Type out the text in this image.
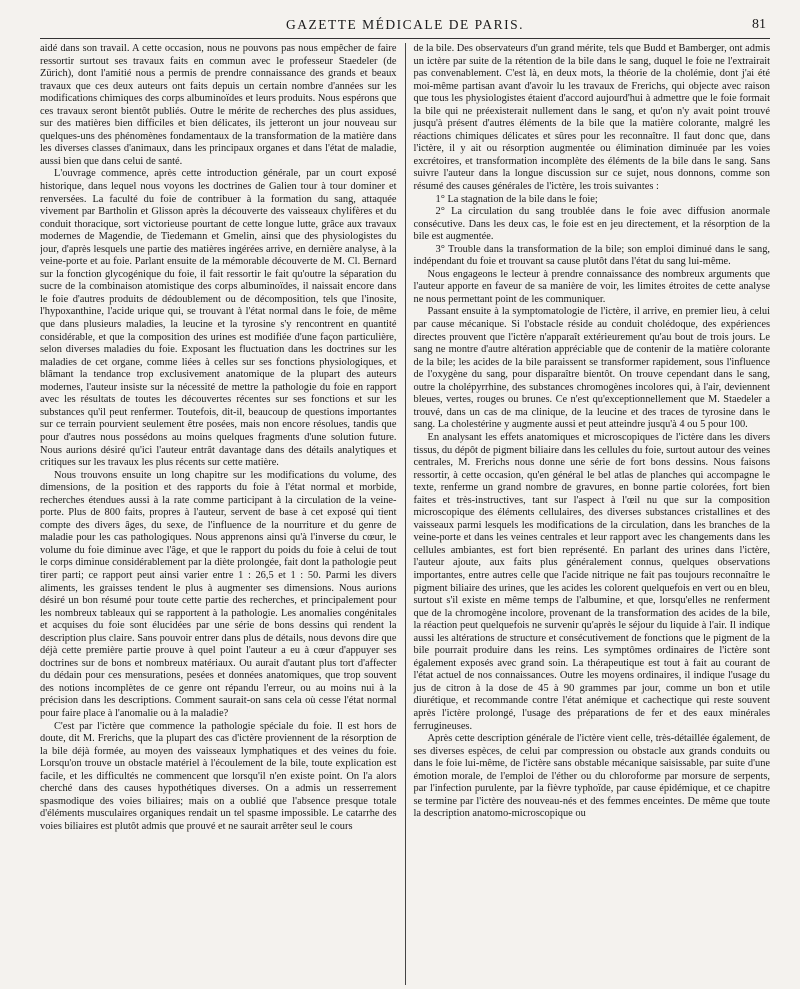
GAZETTE MÉDICALE DE PARIS.	81

aidé dans son travail. A cette occasion, nous ne pouvons pas nous empêcher de faire ressortir surtout ses travaux faits en commun avec le professeur Staedeler (de Zürich), dont l'amitié nous a permis de prendre connaissance des grands et beaux travaux que ces deux auteurs ont faits depuis un certain nombre d'années sur les modifications chimiques des corps albuminoïdes et leurs produits. Nous espérons que ces travaux seront bientôt publiés. Outre le mérite de recherches des plus assidues, sur des matières bien difficiles et bien délicates, ils jetteront un jour nouveau sur quelques-uns des phénomènes fondamentaux de la transformation de la matière dans les diverses classes d'animaux, dans les principaux organes et dans l'état de maladie, aussi bien que dans celui de santé.

L'ouvrage commence, après cette introduction générale, par un court exposé historique, dans lequel nous voyons les doctrines de Galien tour à tour dominer et renversées. La faculté du foie de contribuer à la formation du sang, attaquée vivement par Bartholin et Glisson après la découverte des vaisseaux chylifères et du conduit thoracique, sort victorieuse pourtant de cette longue lutte, grâce aux travaux modernes de Magendie, de Tiedemann et Gmelin, ainsi que des physiologistes du jour, d'après lesquels une partie des matières ingérées arrive, en dernière analyse, à la veine-porte et au foie. Parlant ensuite de la mémorable découverte de M. Cl. Bernard sur la fonction glycogénique du foie, il fait ressortir le fait qu'outre la séparation du sucre de la combinaison atomistique des corps albuminoïdes, il naissait encore dans le foie d'autres produits de dédoublement ou de décomposition, tels que l'inosite, l'hypoxanthine, l'acide urique qui, se trouvant à l'état normal dans le foie, de même que dans plusieurs maladies, la leucine et la tyrosine s'y rencontrent en quantité considérable, et que la composition des urines est modifiée d'une façon particulière, selon diverses maladies du foie. Exposant les fluctuation dans les doctrines sur les maladies de cet organe, comme liées à celles sur ses fonctions physiologiques, et blâmant la tendance trop exclusivement anatomique de la plupart des auteurs modernes, l'auteur insiste sur la nécessité de mettre la pathologie du foie en rapport avec les résultats de toutes les découvertes récentes sur ses fonctions et sur les substances qu'il peut renfermer. Toutefois, dit-il, beaucoup de questions importantes sur ce terrain pourvient seulement être posées, mais non encore résolues, tandis que pour d'autres nous possédons au moins quelques fragments d'une solution future. Nous aurions désiré qu'ici l'auteur entrât davantage dans des détails analytiques et critiques sur les travaux les plus récents sur cette matière.

Nous trouvons ensuite un long chapitre sur les modifications du volume, des dimensions, de la position et des rapports du foie à l'état normal et morbide, recherches étendues aussi à la rate comme participant à la circulation de la veine-porte. Plus de 800 faits, propres à l'auteur, servent de base à cet exposé qui tient compte des divers âges, du sexe, de l'influence de la nourriture et du genre de maladie pour les cas pathologiques. Nous apprenons ainsi qu'à l'inverse du cœur, le volume du foie diminue avec l'âge, et que le rapport du poids du foie à celui de tout le corps diminue considérablement par la diète prolongée, fait dont la pathologie peut tirer parti; ce rapport peut ainsi varier entre 1 : 26,5 et 1 : 50. Parmi les divers aliments, les graisses tendent le plus à augmenter ses dimensions. Nous aurions désiré un bon résumé pour toute cette partie des recherches, et principalement pour les nombreux tableaux qui se rapportent à la pathologie. Les anomalies congénitales et acquises du foie sont élucidées par une série de bons dessins qui rendent la description plus claire. Sans pouvoir entrer dans plus de détails, nous devons dire que déjà cette première partie prouve à quel point l'auteur a eu à cœur d'appuyer ses doctrines sur de bons et nombreux matériaux. Ou aurait d'autant plus tort d'affecter du dédain pour ces mensurations, pesées et données anatomiques, que trop souvent des notions incomplètes de ce genre ont répandu l'erreur, ou au moins nui à la précision dans les descriptions. Comment saurait-on sans cela où cesse l'état normal pour faire place à l'anomalie ou à la maladie?

C'est par l'ictère que commence la pathologie spéciale du foie. Il est hors de doute, dit M. Frerichs, que la plupart des cas d'ictère proviennent de la résorption de la bile déjà formée, au moyen des vaisseaux lymphatiques et des veines du foie. Lorsqu'on trouve un obstacle matériel à l'écoulement de la bile, toute explication est facile, et les difficultés ne commencent que lorsqu'il n'en existe point. On l'a alors cherché dans des causes hypothétiques diverses. On a admis un resserrement spasmodique des voies biliaires; mais on a oublié que l'absence presque totale d'éléments musculaires organiques rendait un tel spasme impossible. Le catarrhe des voies biliaires est plutôt admis que prouvé et ne saurait arrêter seul le cours

de la bile. Des observateurs d'un grand mérite, tels que Budd et Bamberger, ont admis un ictère par suite de la rétention de la bile dans le sang, duquel le foie ne l'extrairait pas convenablement. C'est là, en deux mots, la théorie de la cholémie, dont j'ai été moi-même partisan avant d'avoir lu les travaux de Frerichs, qui objecte avec raison que tous les physiologistes étaient d'accord aujourd'hui à admettre que le foie formait la bile qui ne préexisterait nullement dans le sang, et qu'on n'y avait point trouvé jusqu'à présent d'autres éléments de la bile que la matière colorante, malgré les réactions chimiques délicates et sûres pour les reconnaître. Il faut donc que, dans l'ictère, il y ait ou résorption augmentée ou élimination diminuée par les voies excrétoires, et transformation incomplète des éléments de la bile dans le sang. Sans suivre l'auteur dans la longue discussion sur ce sujet, nous donnons, comme son résumé des causes générales de l'ictère, les trois suivantes :

1° La stagnation de la bile dans le foie;

2° La circulation du sang troublée dans le foie avec diffusion anormale consécutive. Dans les deux cas, le foie est en jeu directement, et la résorption de la bile est augmentée.

3° Trouble dans la transformation de la bile; son emploi diminué dans le sang, indépendant du foie et trouvant sa cause plutôt dans l'état du sang lui-même.

Nous engageons le lecteur à prendre connaissance des nombreux arguments que l'auteur apporte en faveur de sa manière de voir, les limites étroites de cette analyse ne nous permettant point de les communiquer.

Passant ensuite à la symptomatologie de l'ictère, il arrive, en premier lieu, à celui par cause mécanique. Si l'obstacle réside au conduit cholédoque, des expériences directes prouvent que l'ictère n'apparaît extérieurement qu'au bout de trois jours. Le sang ne montre d'autre altération appréciable que de contenir de la matière colorante de la bile; les acides de la bile paraissent se transformer rapidement, sous l'influence de l'oxygène du sang, pour disparaître bientôt. On trouve cependant dans le sang, outre la cholépyrrhine, des substances chromogènes incolores qui, à l'air, deviennent bleues, vertes, rouges ou brunes. Ce n'est qu'exceptionnellement que M. Staedeler a trouvé, dans un cas de ma clinique, de la leucine et des traces de tyrosine dans le sang. La cholestérine y augmente aussi et peut atteindre jusqu'à 4 ou 5 pour 100.

En analysant les effets anatomiques et microscopiques de l'ictère dans les divers tissus, du dépôt de pigment biliaire dans les cellules du foie, surtout autour des veines centrales, M. Frerichs nous donne une série de fort bons dessins. Nous faisons ressortir, à cette occasion, qu'en général le bel atlas de planches qui accompagne le texte, renferme un grand nombre de gravures, en bonne partie colorées, fort bien faites et très-instructives, tant sur l'aspect à l'œil nu que sur la composition microscopique des éléments cellulaires, des diverses substances cristallines et des vaisseaux parmi lesquels les modifications de la circulation, dans les branches de la veine-porte et dans les veines centrales et leur rapport avec les changements dans les cellules ambiantes, est fort bien représenté. En parlant des urines dans l'ictère, l'auteur ajoute, aux faits plus généralement connus, quelques observations importantes, entre autres celle que l'acide nitrique ne fait pas toujours reconnaître le pigment biliaire des urines, que les acides les colorent quelquefois en vert ou en bleu, surtout s'il existe en même temps de l'albumine, et que, lorsqu'elles ne renferment que de la chromogène incolore, provenant de la transformation des acides de la bile, la réaction peut quelquefois ne survenir qu'après le séjour du liquide à l'air. Il indique aussi les altérations de structure et consécutivement de fonctions que le pigment de la bile pourrait produire dans les reins. Les symptômes ordinaires de l'ictère sont également exposés avec grand soin. La thérapeutique est tout à fait au courant de l'état actuel de nos connaissances. Outre les moyens ordinaires, il indique l'usage du jus de citron à la dose de 45 à 90 grammes par jour, comme un bon et utile diurétique, et recommande contre l'état anémique et cachectique qui reste souvent après l'ictère prolongé, l'usage des préparations de fer et des eaux minérales ferrugineuses.

Après cette description générale de l'ictère vient celle, très-détaillée également, de ses diverses espèces, de celui par compression ou obstacle aux grands conduits ou dans le foie lui-même, de l'ictère sans obstable mécanique saisissable, par suite d'une émotion morale, de l'emploi de l'éther ou du chloroforme par morsure de serpents, par l'infection purulente, par la fièvre typhoïde, par cause épidémique, et ce chapitre se termine par l'ictère des nouveau-nés et des femmes enceintes. De même que toute la description anatomo-microscopique ou
